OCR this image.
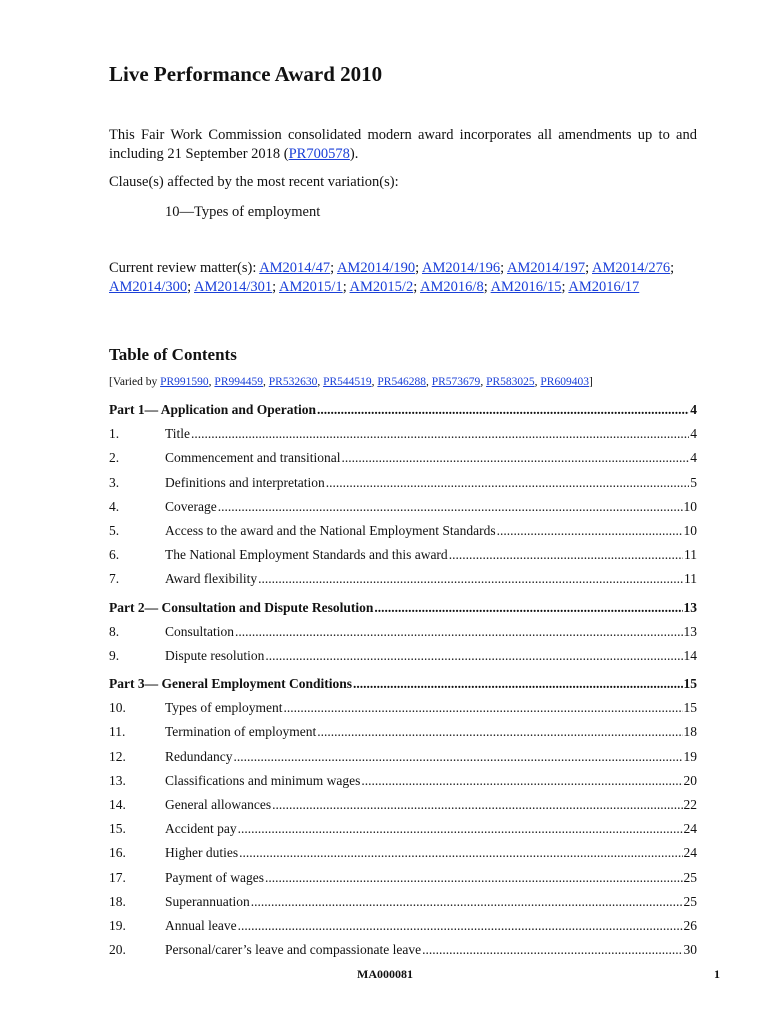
Live Performance Award 2010

This Fair Work Commission consolidated modern award incorporates all amendments up to and including 21 September 2018 (PR700578).

Clause(s) affected by the most recent variation(s):

10—Types of employment

Current review matter(s): AM2014/47; AM2014/190; AM2014/196; AM2014/197; AM2014/276; AM2014/300; AM2014/301; AM2015/1; AM2015/2; AM2016/8; AM2016/15; AM2016/17

Table of Contents
[Varied by PR991590, PR994459, PR532630, PR544519, PR546288, PR573679, PR583025, PR609403]
Part 1— Application and Operation .....	4
1.	Title .....	4
2.	Commencement and transitional .....	4
3.	Definitions and interpretation .....	5
4.	Coverage .....	10
5.	Access to the award and the National Employment Standards .....	10
6.	The National Employment Standards and this award .....	11
7.	Award flexibility .....	11
Part 2— Consultation and Dispute Resolution .....	13
8.	Consultation .....	13
9.	Dispute resolution .....	14
Part 3— General Employment Conditions .....	15
10.	Types of employment .....	15
11.	Termination of employment .....	18
12.	Redundancy .....	19
13.	Classifications and minimum wages .....	20
14.	General allowances .....	22
15.	Accident pay .....	24
16.	Higher duties .....	24
17.	Payment of wages .....	25
18.	Superannuation .....	25
19.	Annual leave .....	26
20.	Personal/carer’s leave and compassionate leave .....	30
MA000081	1
